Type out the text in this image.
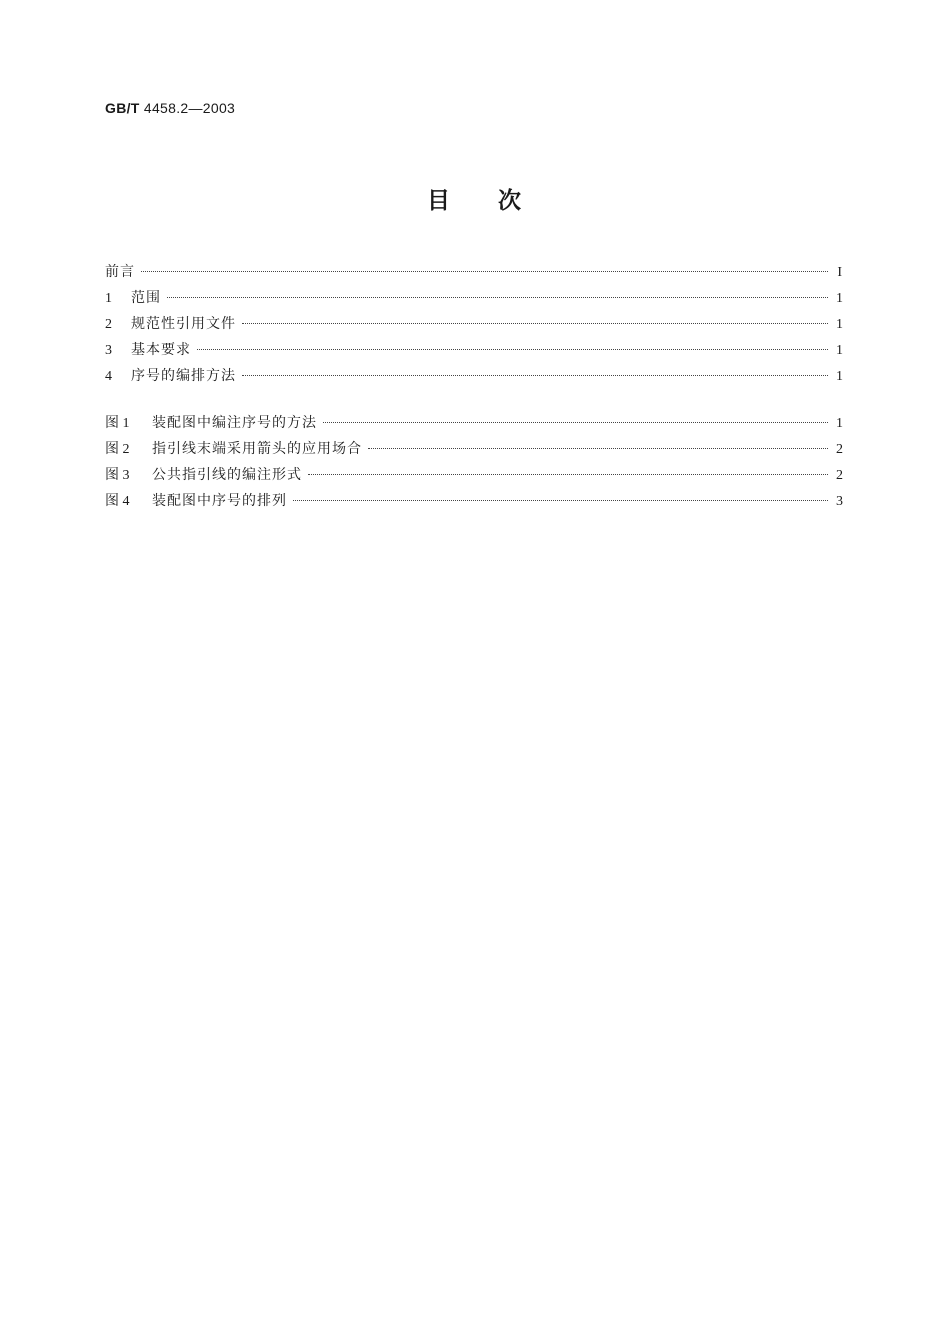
GB/T 4458.2—2003
目 次
前言	I
1	范围	1
2	规范性引用文件	1
3	基本要求	1
4	序号的编排方法	1
图 1	装配图中编注序号的方法	1
图 2	指引线末端采用箭头的应用场合	2
图 3	公共指引线的编注形式	2
图 4	装配图中序号的排列	3
